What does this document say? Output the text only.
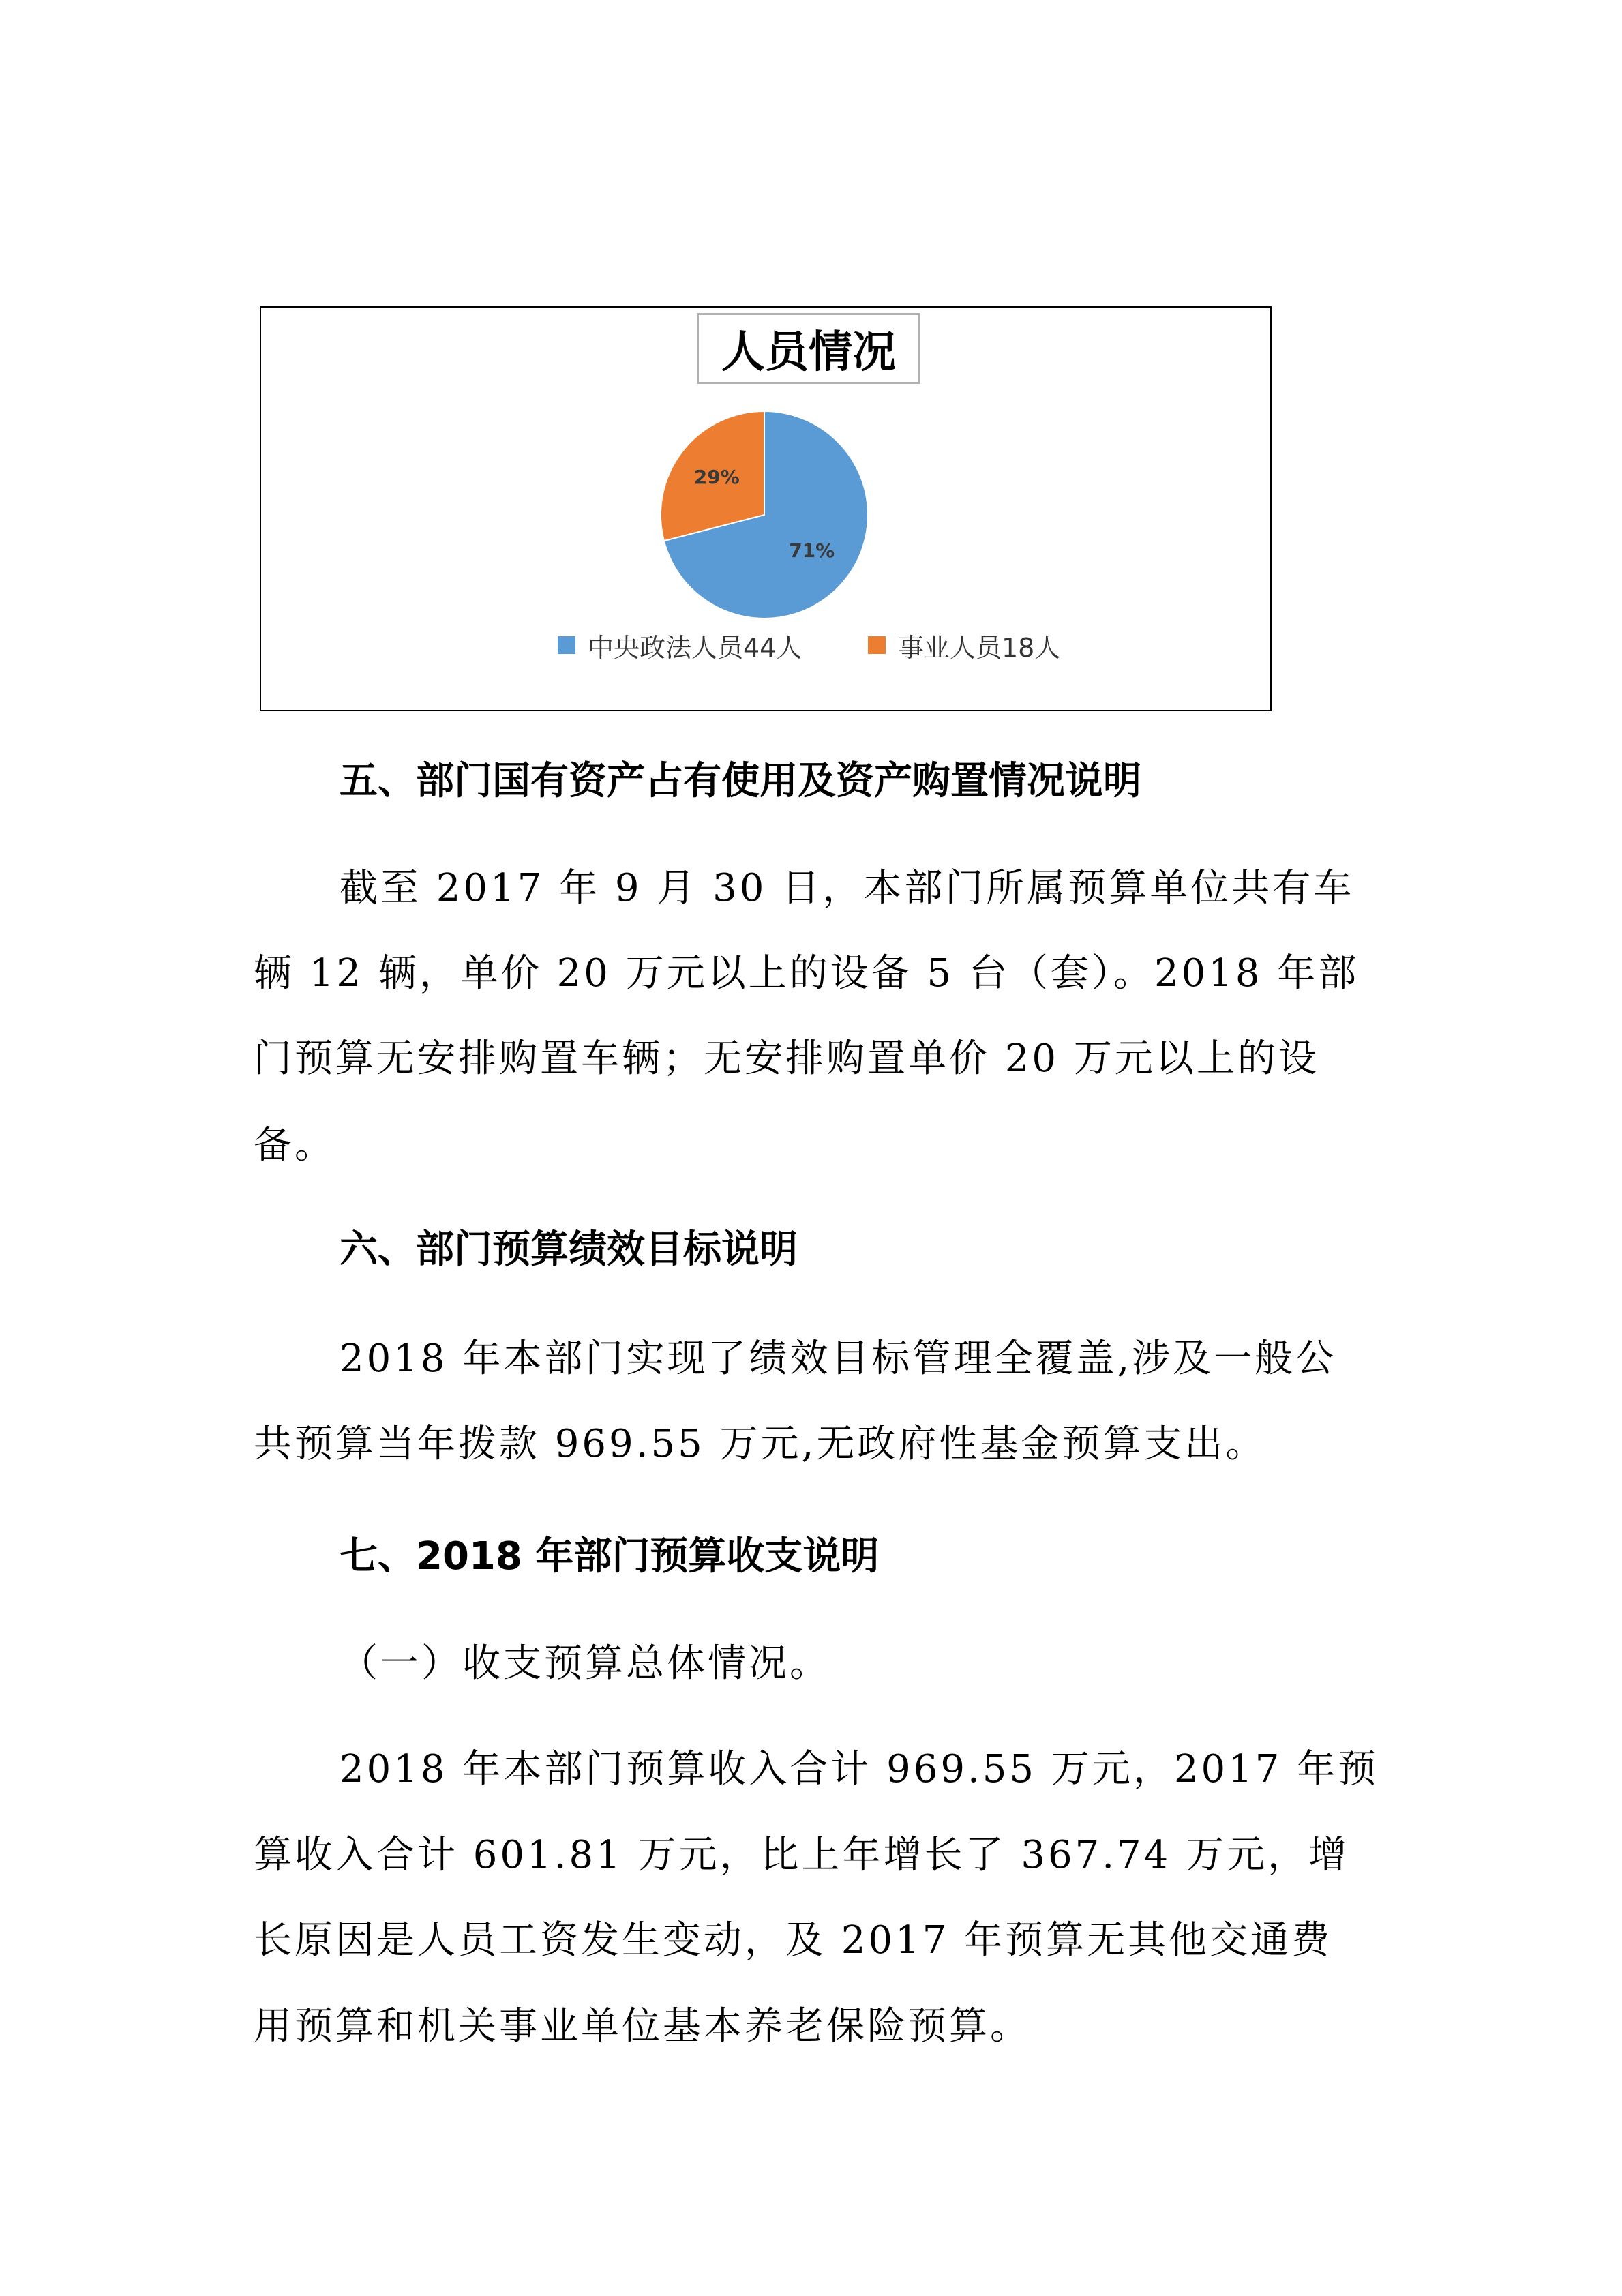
人员情况
71%
29%
中央政法人员44人	事业人员18人
五、部门国有资产占有使用及资产购置情况说明
截至 2017 年 9 月 30 日，本部门所属预算单位共有车
辆 12 辆，单价 20 万元以上的设备 5 台（套）。2018 年部
门预算无安排购置车辆；无安排购置单价 20 万元以上的设
备。
六、部门预算绩效目标说明
2018 年本部门实现了绩效目标管理全覆盖,涉及一般公
共预算当年拨款 969.55 万元,无政府性基金预算支出。
七、2018 年部门预算收支说明
（一）收支预算总体情况。
2018 年本部门预算收入合计 969.55 万元，2017 年预
算收入合计 601.81 万元，比上年增长了 367.74 万元，增
长原因是人员工资发生变动，及 2017 年预算无其他交通费
用预算和机关事业单位基本养老保险预算。
